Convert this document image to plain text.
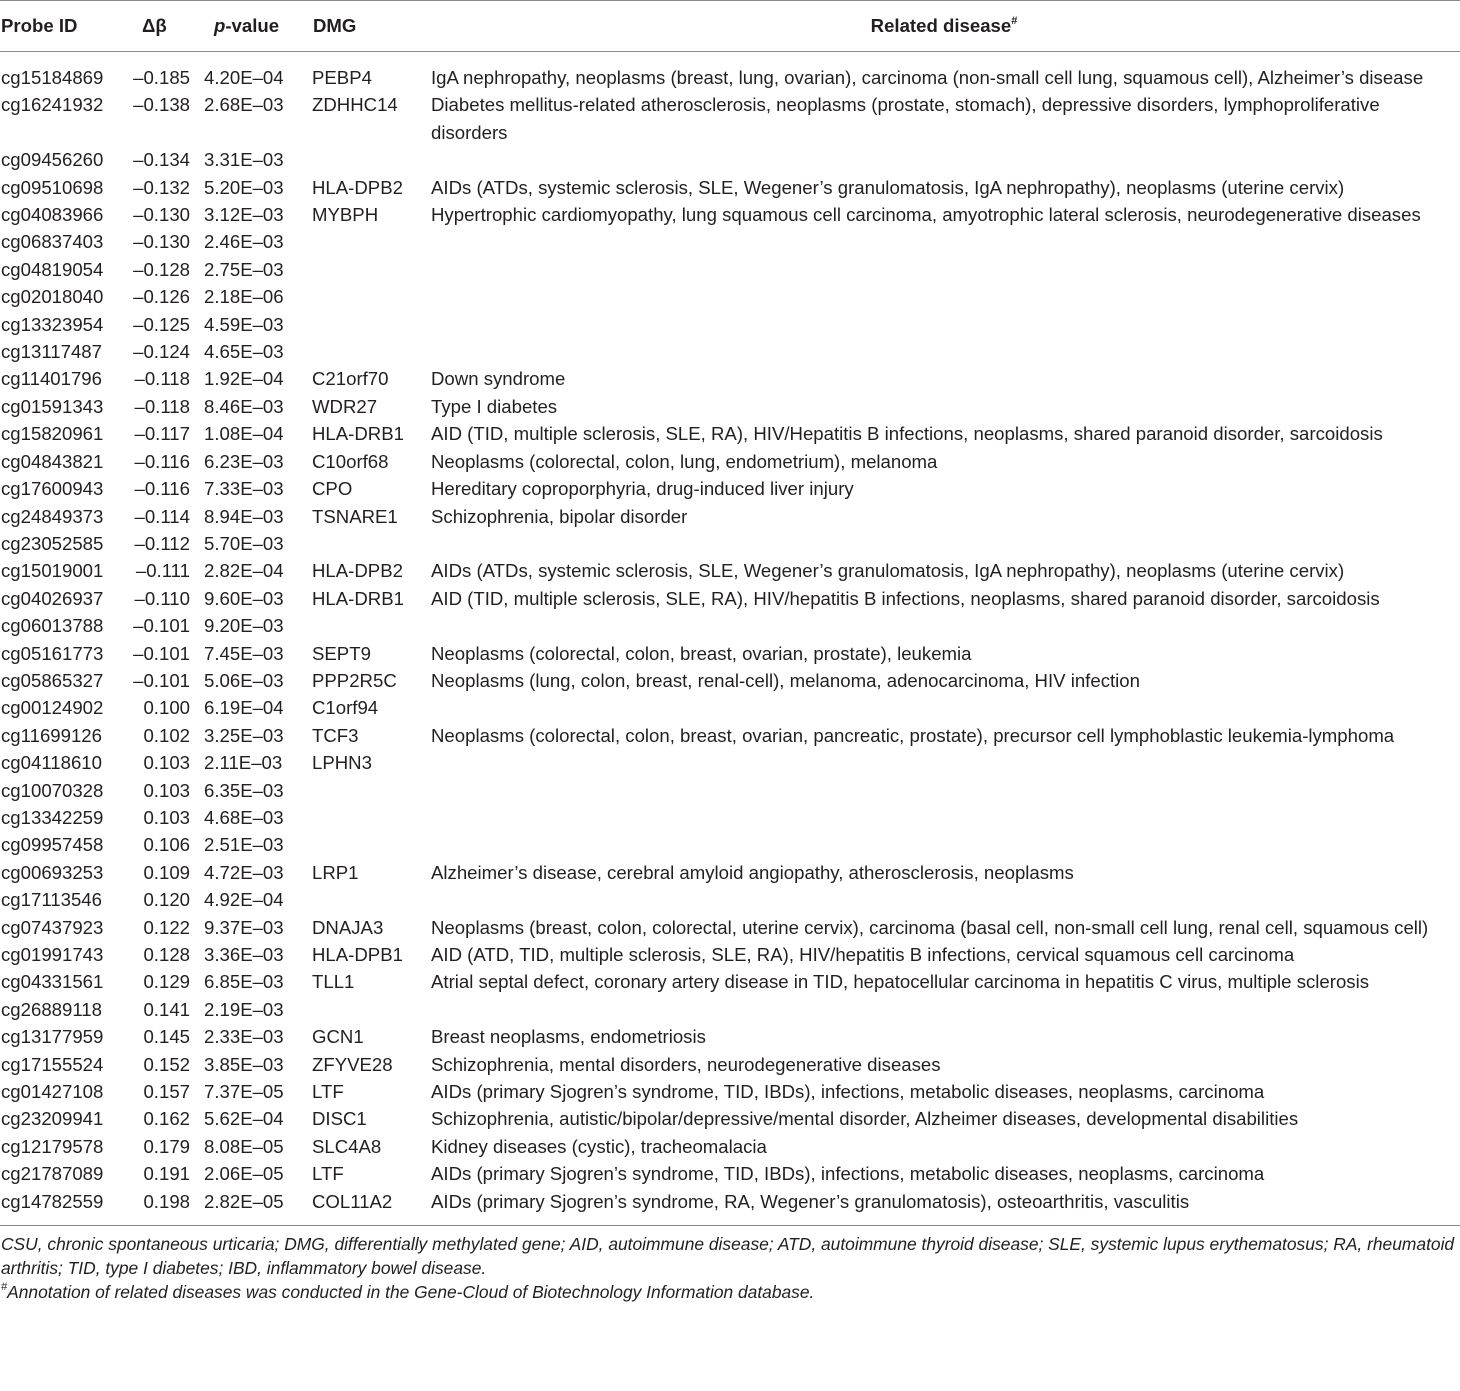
Probe ID	Δβ	p-value	DMG	Related disease#
cg15184869	–0.185	4.20E–04	PEBP4	IgA nephropathy, neoplasms (breast, lung, ovarian), carcinoma (non-small cell lung, squamous cell), Alzheimer’s disease
cg16241932	–0.138	2.68E–03	ZDHHC14	Diabetes mellitus-related atherosclerosis, neoplasms (prostate, stomach), depressive disorders, lymphoproliferative disorders
cg09456260	–0.134	3.31E–03		
cg09510698	–0.132	5.20E–03	HLA-DPB2	AIDs (ATDs, systemic sclerosis, SLE, Wegener’s granulomatosis, IgA nephropathy), neoplasms (uterine cervix)
cg04083966	–0.130	3.12E–03	MYBPH	Hypertrophic cardiomyopathy, lung squamous cell carcinoma, amyotrophic lateral sclerosis, neurodegenerative diseases
cg06837403	–0.130	2.46E–03		
cg04819054	–0.128	2.75E–03		
cg02018040	–0.126	2.18E–06		
cg13323954	–0.125	4.59E–03		
cg13117487	–0.124	4.65E–03		
cg11401796	–0.118	1.92E–04	C21orf70	Down syndrome
cg01591343	–0.118	8.46E–03	WDR27	Type I diabetes
cg15820961	–0.117	1.08E–04	HLA-DRB1	AID (TID, multiple sclerosis, SLE, RA), HIV/Hepatitis B infections, neoplasms, shared paranoid disorder, sarcoidosis
cg04843821	–0.116	6.23E–03	C10orf68	Neoplasms (colorectal, colon, lung, endometrium), melanoma
cg17600943	–0.116	7.33E–03	CPO	Hereditary coproporphyria, drug-induced liver injury
cg24849373	–0.114	8.94E–03	TSNARE1	Schizophrenia, bipolar disorder
cg23052585	–0.112	5.70E–03		
cg15019001	–0.111	2.82E–04	HLA-DPB2	AIDs (ATDs, systemic sclerosis, SLE, Wegener’s granulomatosis, IgA nephropathy), neoplasms (uterine cervix)
cg04026937	–0.110	9.60E–03	HLA-DRB1	AID (TID, multiple sclerosis, SLE, RA), HIV/hepatitis B infections, neoplasms, shared paranoid disorder, sarcoidosis
cg06013788	–0.101	9.20E–03		
cg05161773	–0.101	7.45E–03	SEPT9	Neoplasms (colorectal, colon, breast, ovarian, prostate), leukemia
cg05865327	–0.101	5.06E–03	PPP2R5C	Neoplasms (lung, colon, breast, renal-cell), melanoma, adenocarcinoma, HIV infection
cg00124902	0.100	6.19E–04	C1orf94	
cg11699126	0.102	3.25E–03	TCF3	Neoplasms (colorectal, colon, breast, ovarian, pancreatic, prostate), precursor cell lymphoblastic leukemia-lymphoma
cg04118610	0.103	2.11E–03	LPHN3	
cg10070328	0.103	6.35E–03		
cg13342259	0.103	4.68E–03		
cg09957458	0.106	2.51E–03		
cg00693253	0.109	4.72E–03	LRP1	Alzheimer’s disease, cerebral amyloid angiopathy, atherosclerosis, neoplasms
cg17113546	0.120	4.92E–04		
cg07437923	0.122	9.37E–03	DNAJA3	Neoplasms (breast, colon, colorectal, uterine cervix), carcinoma (basal cell, non-small cell lung, renal cell, squamous cell)
cg01991743	0.128	3.36E–03	HLA-DPB1	AID (ATD, TID, multiple sclerosis, SLE, RA), HIV/hepatitis B infections, cervical squamous cell carcinoma
cg04331561	0.129	6.85E–03	TLL1	Atrial septal defect, coronary artery disease in TID, hepatocellular carcinoma in hepatitis C virus, multiple sclerosis
cg26889118	0.141	2.19E–03		
cg13177959	0.145	2.33E–03	GCN1	Breast neoplasms, endometriosis
cg17155524	0.152	3.85E–03	ZFYVE28	Schizophrenia, mental disorders, neurodegenerative diseases
cg01427108	0.157	7.37E–05	LTF	AIDs (primary Sjogren’s syndrome, TID, IBDs), infections, metabolic diseases, neoplasms, carcinoma
cg23209941	0.162	5.62E–04	DISC1	Schizophrenia, autistic/bipolar/depressive/mental disorder, Alzheimer diseases, developmental disabilities
cg12179578	0.179	8.08E–05	SLC4A8	Kidney diseases (cystic), tracheomalacia
cg21787089	0.191	2.06E–05	LTF	AIDs (primary Sjogren’s syndrome, TID, IBDs), infections, metabolic diseases, neoplasms, carcinoma
cg14782559	0.198	2.82E–05	COL11A2	AIDs (primary Sjogren’s syndrome, RA, Wegener’s granulomatosis), osteoarthritis, vasculitis

CSU, chronic spontaneous urticaria; DMG, differentially methylated gene; AID, autoimmune disease; ATD, autoimmune thyroid disease; SLE, systemic lupus erythematosus; RA, rheumatoid arthritis; TID, type I diabetes; IBD, inflammatory bowel disease.

#Annotation of related diseases was conducted in the Gene-Cloud of Biotechnology Information database.
